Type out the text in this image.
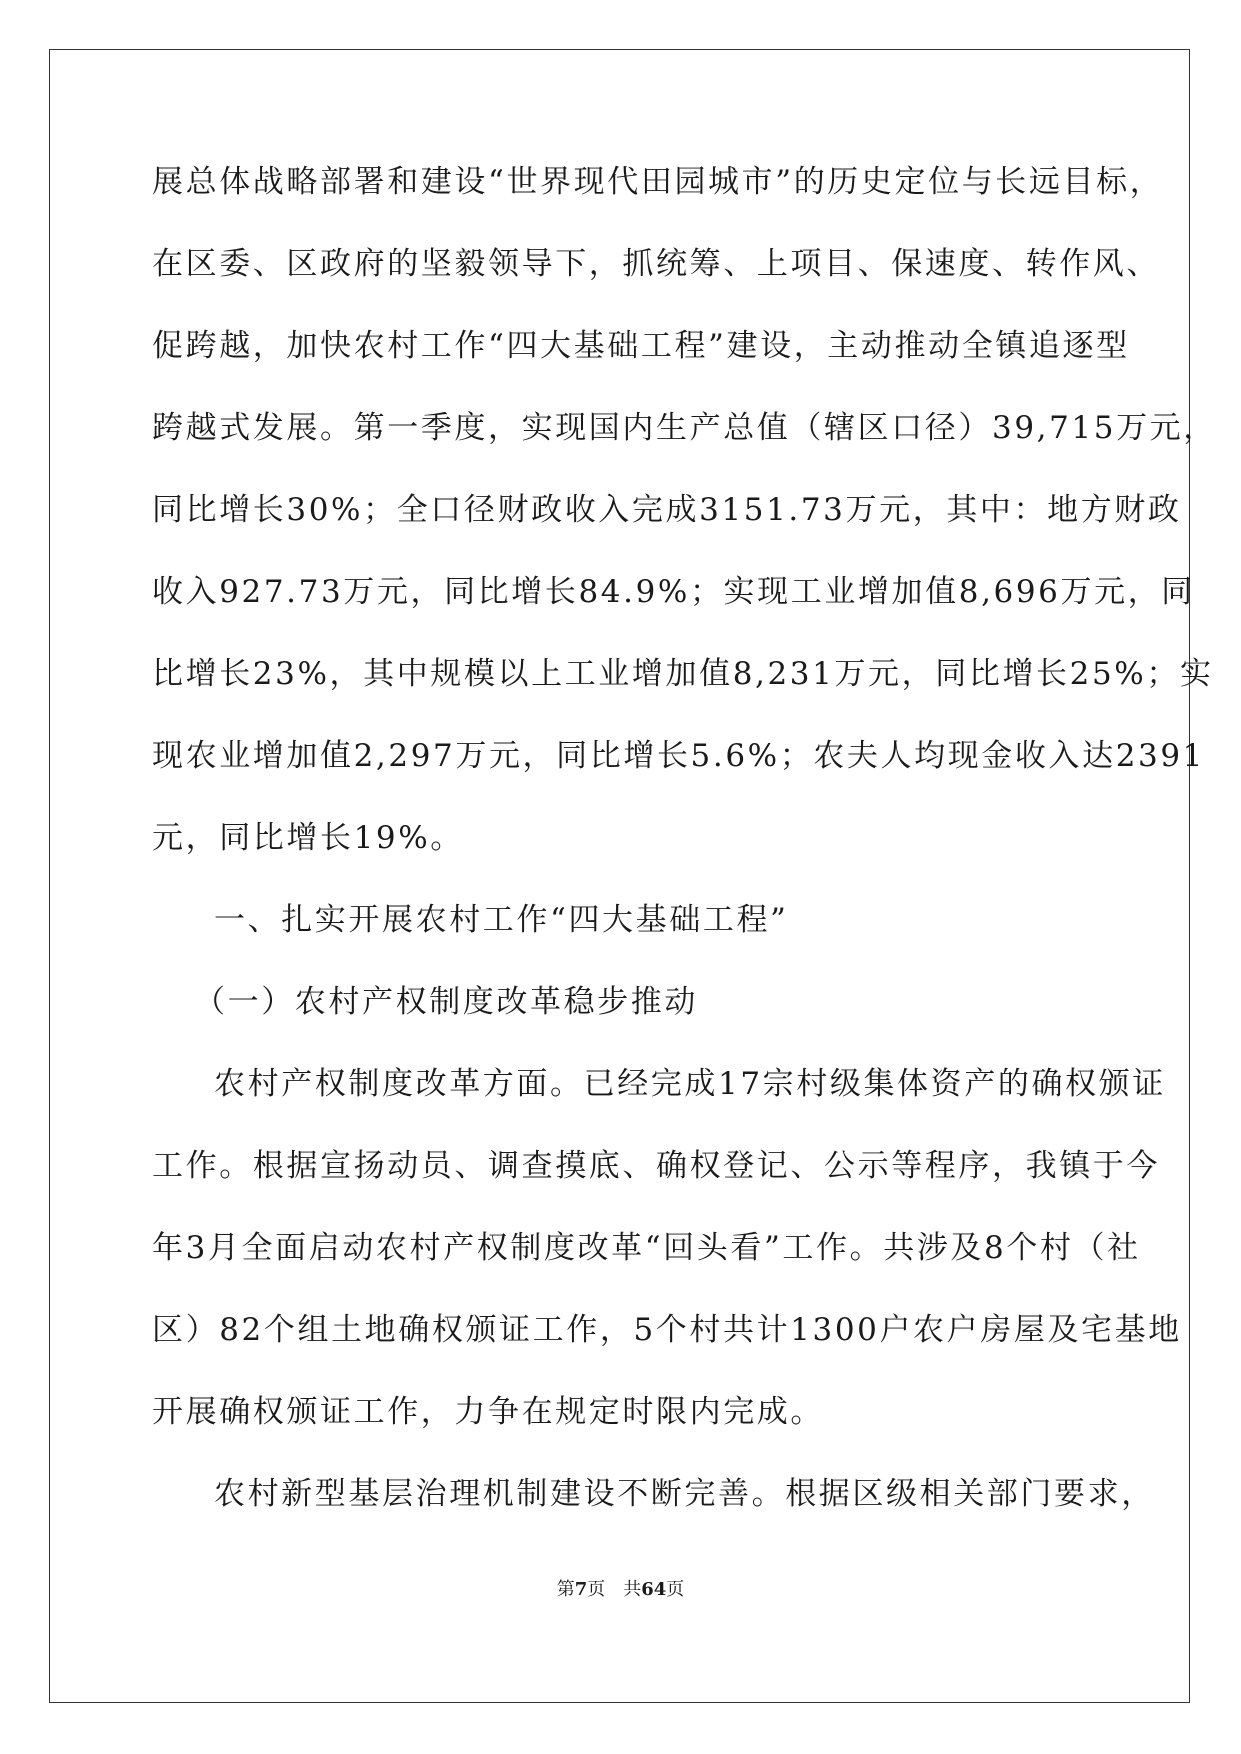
展总体战略部署和建设“世界现代田园城市”的历史定位与长远目标，
在区委、区政府的坚毅领导下，抓统筹、上项目、保速度、转作风、
促跨越，加快农村工作“四大基础工程”建设，主动推动全镇追逐型
跨越式发展。第一季度，实现国内生产总值（辖区口径）39,715万元，
同比增长30%；全口径财政收入完成3151.73万元，其中：地方财政
收入927.73万元，同比增长84.9%；实现工业增加值8,696万元，同
比增长23%，其中规模以上工业增加值8,231万元，同比增长25%；实
现农业增加值2,297万元，同比增长5.6%；农夫人均现金收入达2391
元，同比增长19%。
一、扎实开展农村工作“四大基础工程”
（一）农村产权制度改革稳步推动
农村产权制度改革方面。已经完成17宗村级集体资产的确权颁证
工作。根据宣扬动员、调查摸底、确权登记、公示等程序，我镇于今
年3月全面启动农村产权制度改革“回头看”工作。共涉及8个村（社
区）82个组土地确权颁证工作，5个村共计1300户农户房屋及宅基地
开展确权颁证工作，力争在规定时限内完成。
农村新型基层治理机制建设不断完善。根据区级相关部门要求，
第7页　共64页
